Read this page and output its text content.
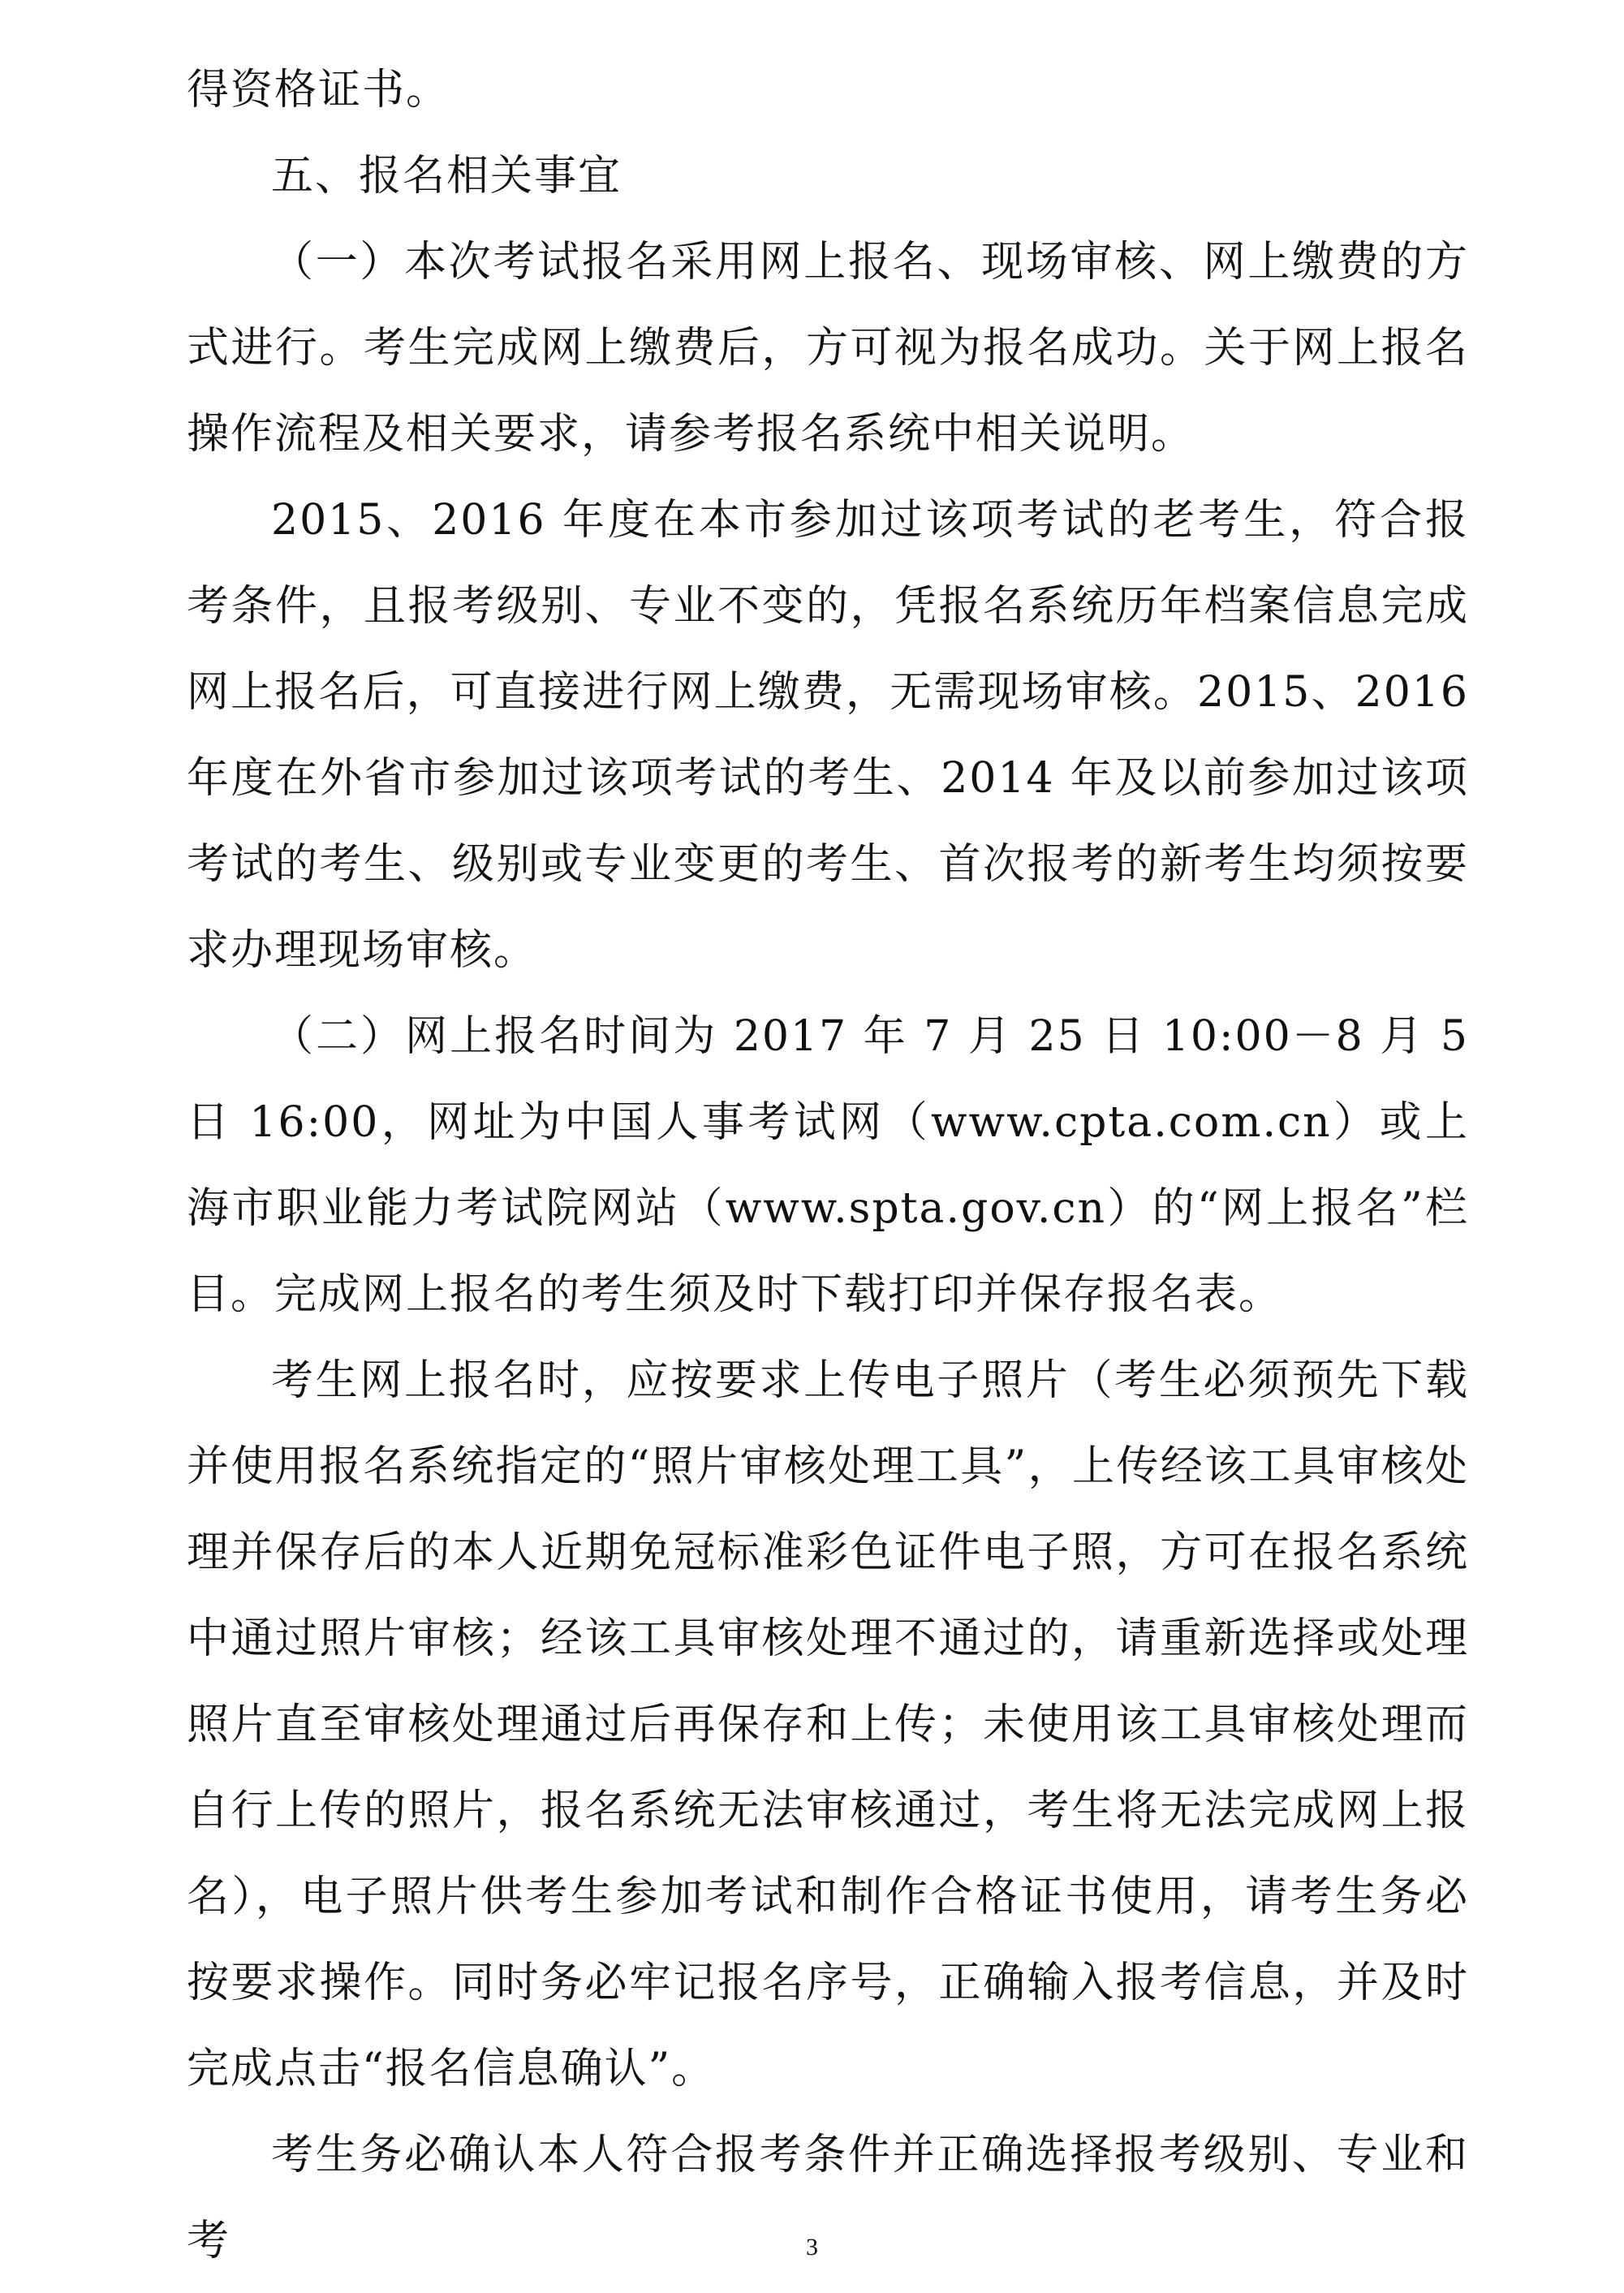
得资格证书。

五、报名相关事宜

（一）本次考试报名采用网上报名、现场审核、网上缴费的方式进行。考生完成网上缴费后，方可视为报名成功。关于网上报名操作流程及相关要求，请参考报名系统中相关说明。

2015、2016 年度在本市参加过该项考试的老考生，符合报考条件，且报考级别、专业不变的，凭报名系统历年档案信息完成网上报名后，可直接进行网上缴费，无需现场审核。2015、2016 年度在外省市参加过该项考试的考生、2014 年及以前参加过该项考试的考生、级别或专业变更的考生、首次报考的新考生均须按要求办理现场审核。

（二）网上报名时间为 2017 年 7 月 25 日 10:00－8 月 5 日 16:00，网址为中国人事考试网（www.cpta.com.cn）或上海市职业能力考试院网站（www.spta.gov.cn）的“网上报名”栏目。完成网上报名的考生须及时下载打印并保存报名表。

考生网上报名时，应按要求上传电子照片（考生必须预先下载并使用报名系统指定的“照片审核处理工具”，上传经该工具审核处理并保存后的本人近期免冠标准彩色证件电子照，方可在报名系统中通过照片审核；经该工具审核处理不通过的，请重新选择或处理照片直至审核处理通过后再保存和上传；未使用该工具审核处理而自行上传的照片，报名系统无法审核通过，考生将无法完成网上报名），电子照片供考生参加考试和制作合格证书使用，请考生务必按要求操作。同时务必牢记报名序号，正确输入报考信息，并及时完成点击“报名信息确认”。

考生务必确认本人符合报考条件并正确选择报考级别、专业和考	3
